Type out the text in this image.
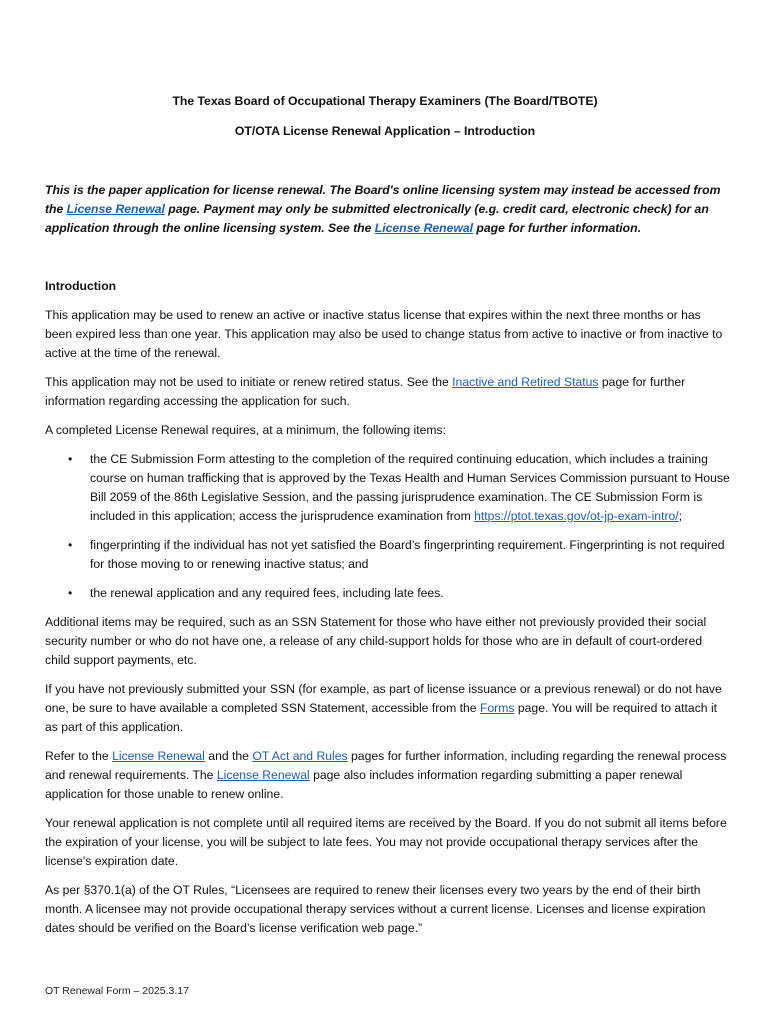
The Texas Board of Occupational Therapy Examiners (The Board/TBOTE)
OT/OTA License Renewal Application – Introduction
This is the paper application for license renewal. The Board's online licensing system may instead be accessed from the License Renewal page. Payment may only be submitted electronically (e.g. credit card, electronic check) for an application through the online licensing system. See the License Renewal page for further information.
Introduction

This application may be used to renew an active or inactive status license that expires within the next three months or has been expired less than one year. This application may also be used to change status from active to inactive or from inactive to active at the time of the renewal.

This application may not be used to initiate or renew retired status. See the Inactive and Retired Status page for further information regarding accessing the application for such.

A completed License Renewal requires, at a minimum, the following items:

• the CE Submission Form attesting to the completion of the required continuing education, which includes a training course on human trafficking that is approved by the Texas Health and Human Services Commission pursuant to House Bill 2059 of the 86th Legislative Session, and the passing jurisprudence examination. The CE Submission Form is included in this application; access the jurisprudence examination from https://ptot.texas.gov/ot-jp-exam-intro/;
• fingerprinting if the individual has not yet satisfied the Board’s fingerprinting requirement. Fingerprinting is not required for those moving to or renewing inactive status; and
• the renewal application and any required fees, including late fees.

Additional items may be required, such as an SSN Statement for those who have either not previously provided their social security number or who do not have one, a release of any child-support holds for those who are in default of court-ordered child support payments, etc.

If you have not previously submitted your SSN (for example, as part of license issuance or a previous renewal) or do not have one, be sure to have available a completed SSN Statement, accessible from the Forms page. You will be required to attach it as part of this application.

Refer to the License Renewal and the OT Act and Rules pages for further information, including regarding the renewal process and renewal requirements. The License Renewal page also includes information regarding submitting a paper renewal application for those unable to renew online.

Your renewal application is not complete until all required items are received by the Board. If you do not submit all items before the expiration of your license, you will be subject to late fees. You may not provide occupational therapy services after the license's expiration date.

As per §370.1(a) of the OT Rules, “Licensees are required to renew their licenses every two years by the end of their birth month. A licensee may not provide occupational therapy services without a current license. Licenses and license expiration dates should be verified on the Board’s license verification web page.”

OT Renewal Form – 2025.3.17
